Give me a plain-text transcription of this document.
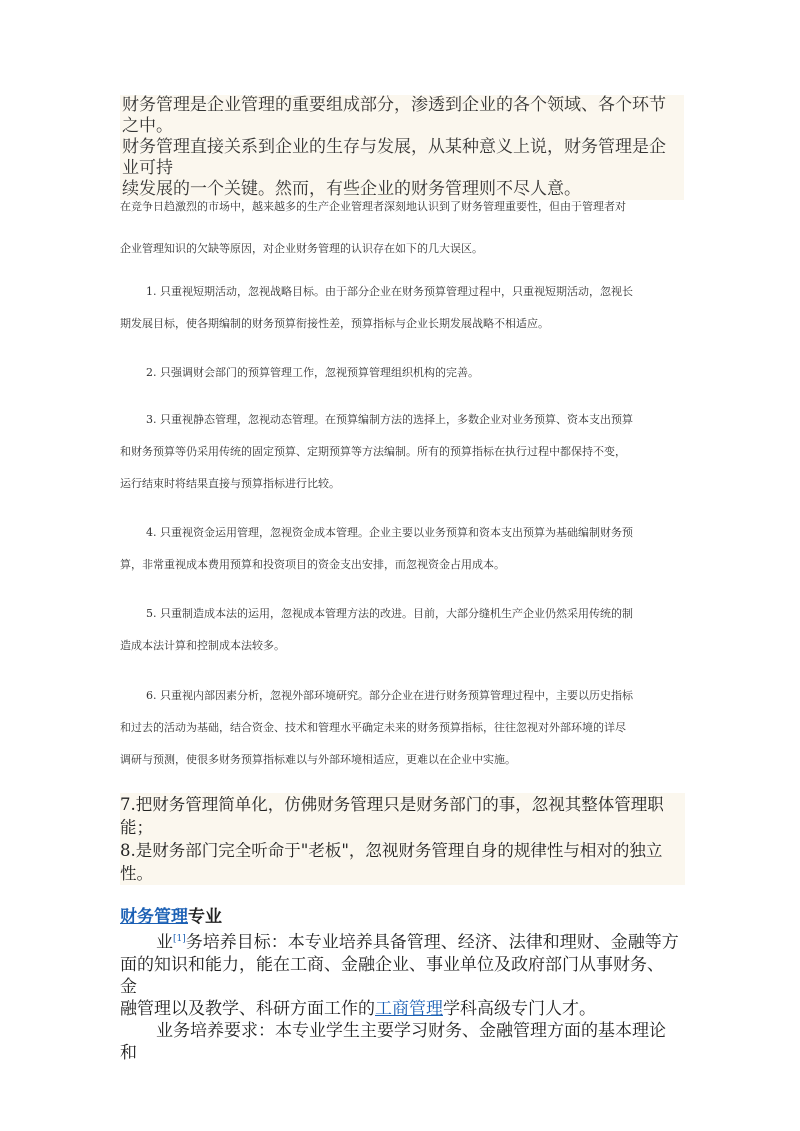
财务管理是企业管理的重要组成部分，渗透到企业的各个领域、各个环节之中。

财务管理直接关系到企业的生存与发展，从某种意义上说，财务管理是企业可持

续发展的一个关键。然而，有些企业的财务管理则不尽人意。

在竞争日趋激烈的市场中，越来越多的生产企业管理者深刻地认识到了财务管理重要性，但由于管理者对

企业管理知识的欠缺等原因，对企业财务管理的认识存在如下的几大误区。

1. 只重视短期活动，忽视战略目标。由于部分企业在财务预算管理过程中，只重视短期活动，忽视长

期发展目标，使各期编制的财务预算衔接性差，预算指标与企业长期发展战略不相适应。

2. 只强调财会部门的预算管理工作，忽视预算管理组织机构的完善。

3. 只重视静态管理，忽视动态管理。在预算编制方法的选择上，多数企业对业务预算、资本支出预算

和财务预算等仍采用传统的固定预算、定期预算等方法编制。所有的预算指标在执行过程中都保持不变，

运行结束时将结果直接与预算指标进行比较。

4. 只重视资金运用管理，忽视资金成本管理。企业主要以业务预算和资本支出预算为基础编制财务预

算，非常重视成本费用预算和投资项目的资金支出安排，而忽视资金占用成本。

5. 只重制造成本法的运用，忽视成本管理方法的改进。目前，大部分缝机生产企业仍然采用传统的制

造成本法计算和控制成本法较多。

6. 只重视内部因素分析，忽视外部环境研究。部分企业在进行财务预算管理过程中，主要以历史指标

和过去的活动为基础，结合资金、技术和管理水平确定未来的财务预算指标，往往忽视对外部环境的详尽

调研与预测，使很多财务预算指标难以与外部环境相适应，更难以在企业中实施。

7.把财务管理简单化，仿佛财务管理只是财务部门的事，忽视其整体管理职能；

8.是财务部门完全听命于"老板"，忽视财务管理自身的规律性与相对的独立性。

财务管理专业

业[1]务培养目标：本专业培养具备管理、经济、法律和理财、金融等方

面的知识和能力，能在工商、金融企业、事业单位及政府部门从事财务、金

融管理以及教学、科研方面工作的工商管理学科高级专门人才。

业务培养要求：本专业学生主要学习财务、金融管理方面的基本理论和
